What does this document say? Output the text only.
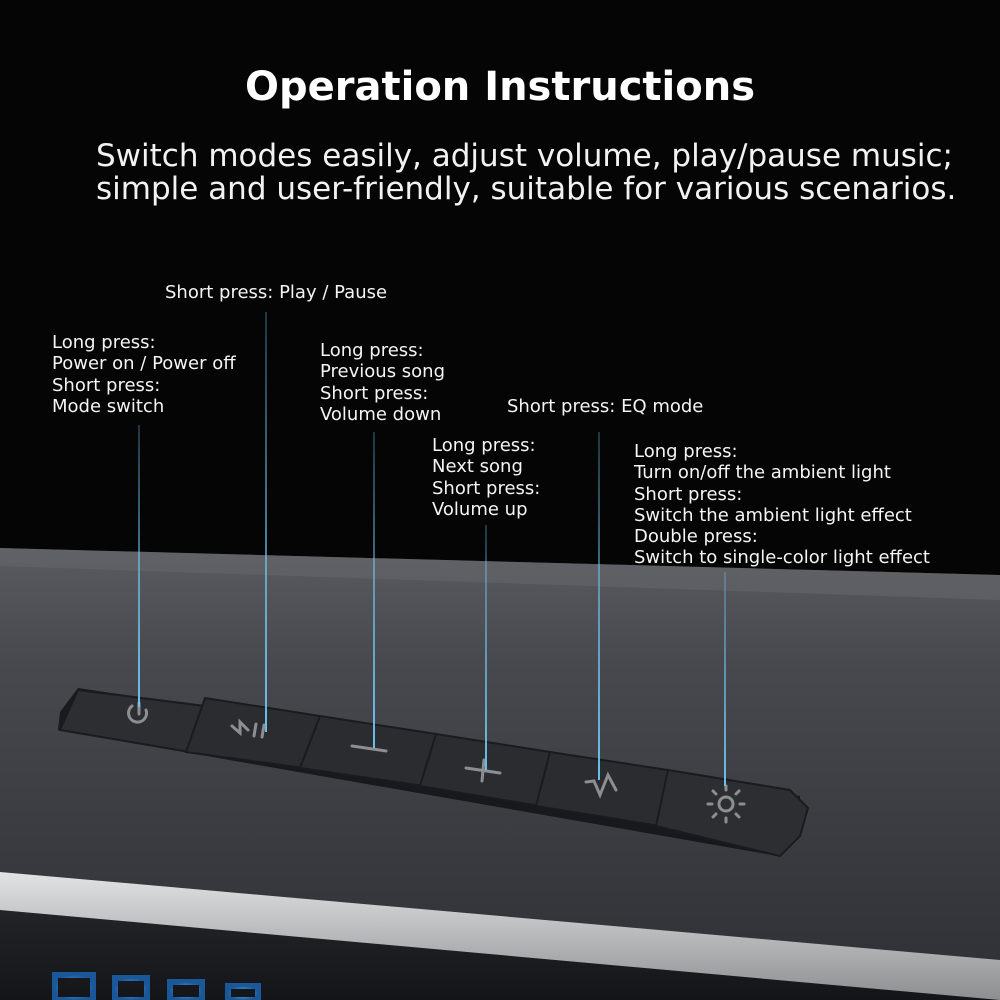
Operation Instructions
Switch modes easily, adjust volume, play/pause music;
simple and user-friendly, suitable for various scenarios.
Long press:
Power on / Power off
Short press:
Mode switch
Short press: Play / Pause
Long press:
Previous song
Short press:
Volume down
Long press:
Next song
Short press:
Volume up
Short press: EQ mode
Long press:
Turn on/off the ambient light
Short press:
Switch the ambient light effect
Double press:
Switch to single-color light effect
